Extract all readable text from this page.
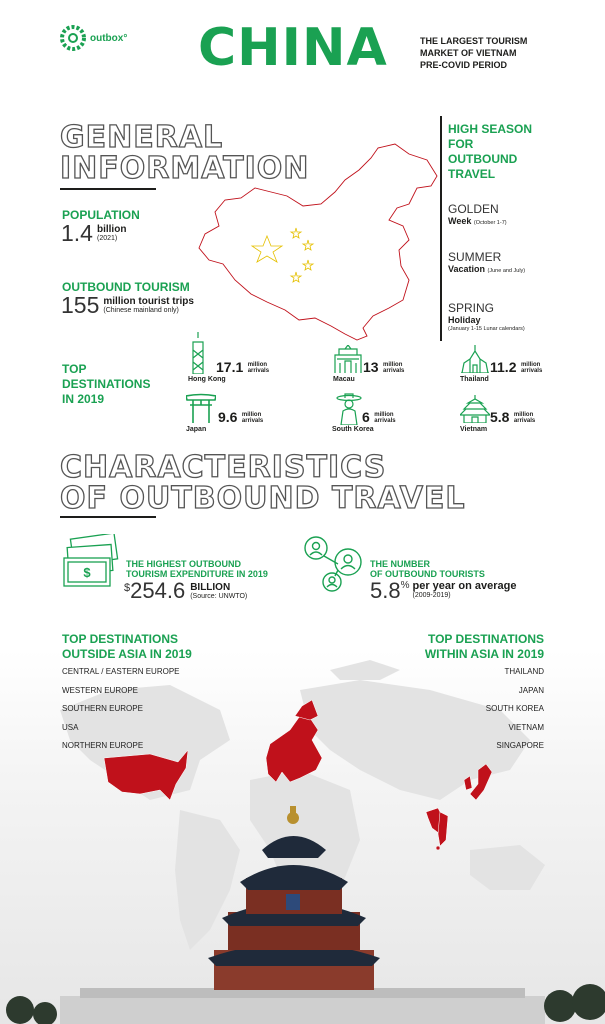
outbox° CHINA	THE LARGEST TOURISM
MARKET OF VIETNAM
PRE-COVID PERIOD
GENERAL
INFORMATION
POPULATION
1.4 billion
(2021)
OUTBOUND TOURISM
155 million tourist trips
(Chinese mainland only)
HIGH SEASON
FOR
OUTBOUND
TRAVEL
GOLDEN
Week (October 1-7)
SUMMER
Vacation (June and July)
SPRING
Holiday
(January 1-15 Lunar calendars)
TOP
DESTINATIONS
IN 2019
17.1 million
arrivals
Hong Kong
13 million
arrivals
Macau
11.2 million
arrivals
Thailand
9.6 million
arrivals
Japan
6 million
arrivals
South Korea
5.8 million
arrivals
Vietnam
CHARACTERISTICS
OF OUTBOUND TRAVEL
$
THE HIGHEST OUTBOUND
TOURISM EXPENDITURE IN 2019
$ 254.6 BILLION
(Source: UNWTO)
THE NUMBER
OF OUTBOUND TOURISTS
5.8 % per year on average
(2009-2019)
TOP DESTINATIONS
OUTSIDE ASIA IN 2019
CENTRAL / EASTERN EUROPE
WESTERN EUROPE
SOUTHERN EUROPE
USA
NORTHERN EUROPE
TOP DESTINATIONS
WITHIN ASIA IN 2019
THAILAND
JAPAN
SOUTH KOREA
VIETNAM
SINGAPORE
